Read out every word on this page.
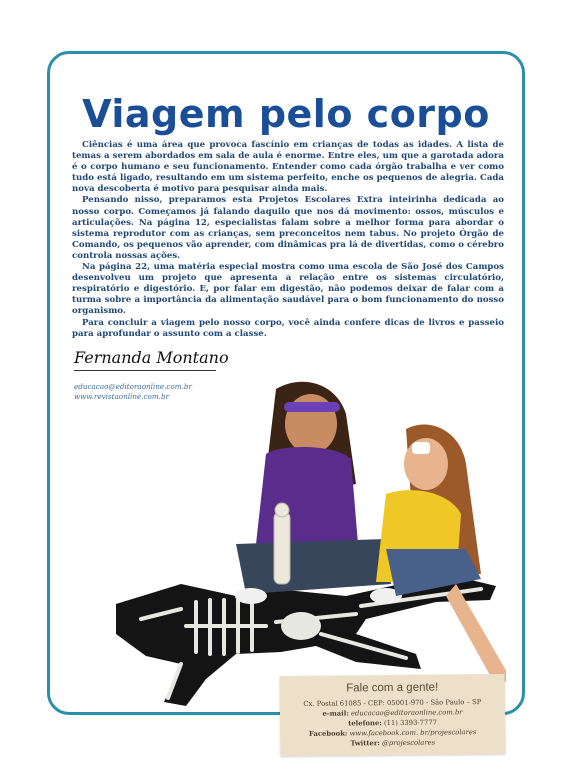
Viagem pelo corpo

Ciências é uma área que provoca fascínio em crianças de todas as idades. A lista de temas a serem abordados em sala de aula é enorme. Entre eles, um que a garotada adora é o corpo humano e seu funcionamento. Entender como cada órgão trabalha e ver como tudo está ligado, resultando em um sistema perfeito, enche os pequenos de alegria. Cada nova descoberta é motivo para pesquisar ainda mais.

Pensando nisso, preparamos esta Projetos Escolares Extra inteirinha dedicada ao nosso corpo. Começamos já falando daquilo que nos dá movimento: ossos, músculos e articulações. Na página 12, especialistas falam sobre a melhor forma para abordar o sistema reprodutor com as crianças, sem preconceitos nem tabus. No projeto Órgão de Comando, os pequenos vão aprender, com dinâmicas pra lá de divertidas, como o cérebro controla nossas ações.

Na página 22, uma matéria especial mostra como uma escola de São José dos Campos desenvolveu um projeto que apresenta a relação entre os sistemas circulatório, respiratório e digestório. E, por falar em digestão, não podemos deixar de falar com a turma sobre a importância da alimentação saudável para o bom funcionamento do nosso organismo.

Para concluir a viagem pelo nosso corpo, você ainda confere dicas de livros e passeio para aprofundar o assunto com a classe.

Fernanda Montano
educacao@editoraonline.com.br
www.revistaonline.com.br
Fale com a gente!
Cx. Postal 61085 - CEP: 05001-970 - São Paulo – SP
e-mail: educacao@editoraonline.com.br
telefone: (11) 3393-7777
Facebook: www.facebook.com. br/projescolares
Twitter: @projescolares
